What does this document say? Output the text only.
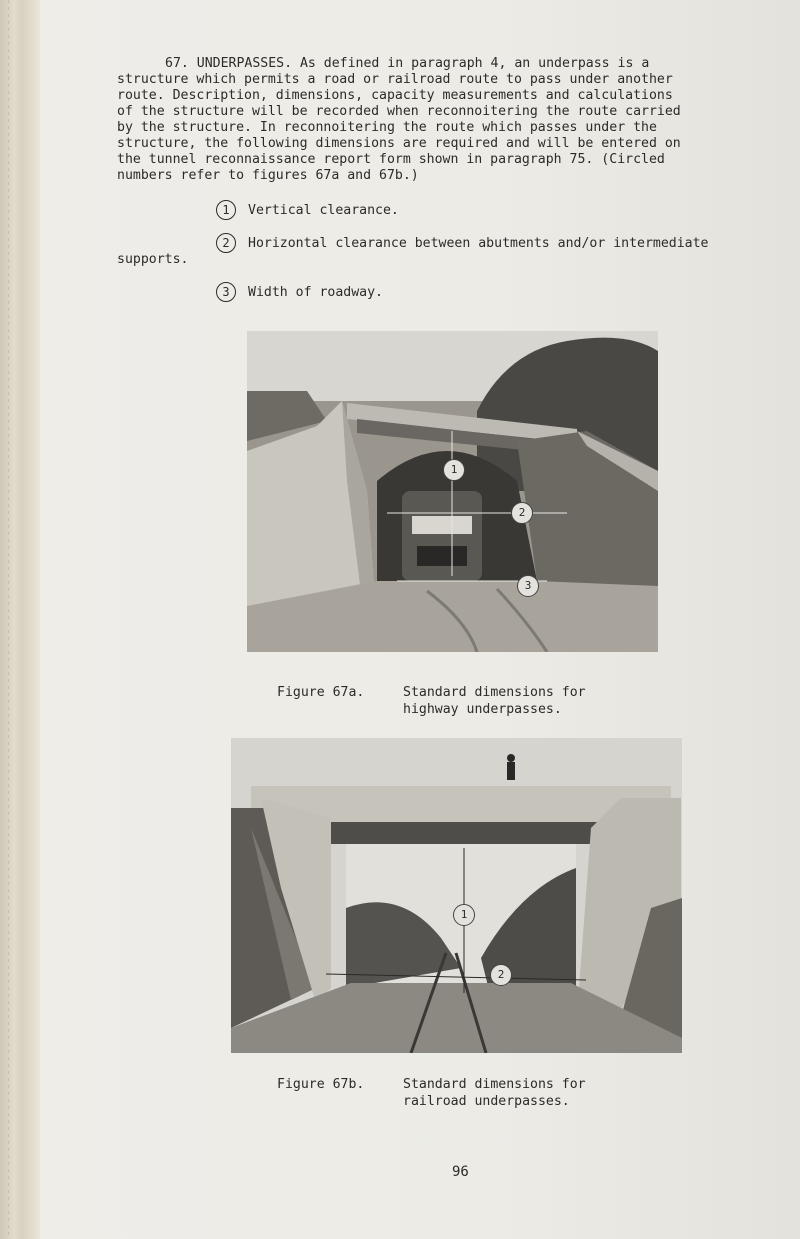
67. UNDERPASSES. As defined in paragraph 4, an underpass is a
structure which permits a road or railroad route to pass under another
route. Description, dimensions, capacity measurements and calculations
of the structure will be recorded when reconnoitering the route carried
by the structure. In reconnoitering the route which passes under the
structure, the following dimensions are required and will be entered on
the tunnel reconnaissance report form shown in paragraph 75. (Circled
numbers refer to figures 67a and 67b.)
1 Vertical clearance.
2 Horizontal clearance between abutments and/or intermediate
supports.
3 Width of roadway.
1
2
3
Figure 67a.	Standard dimensions for
highway underpasses.
1
2
Figure 67b.	Standard dimensions for
railroad underpasses.
96
